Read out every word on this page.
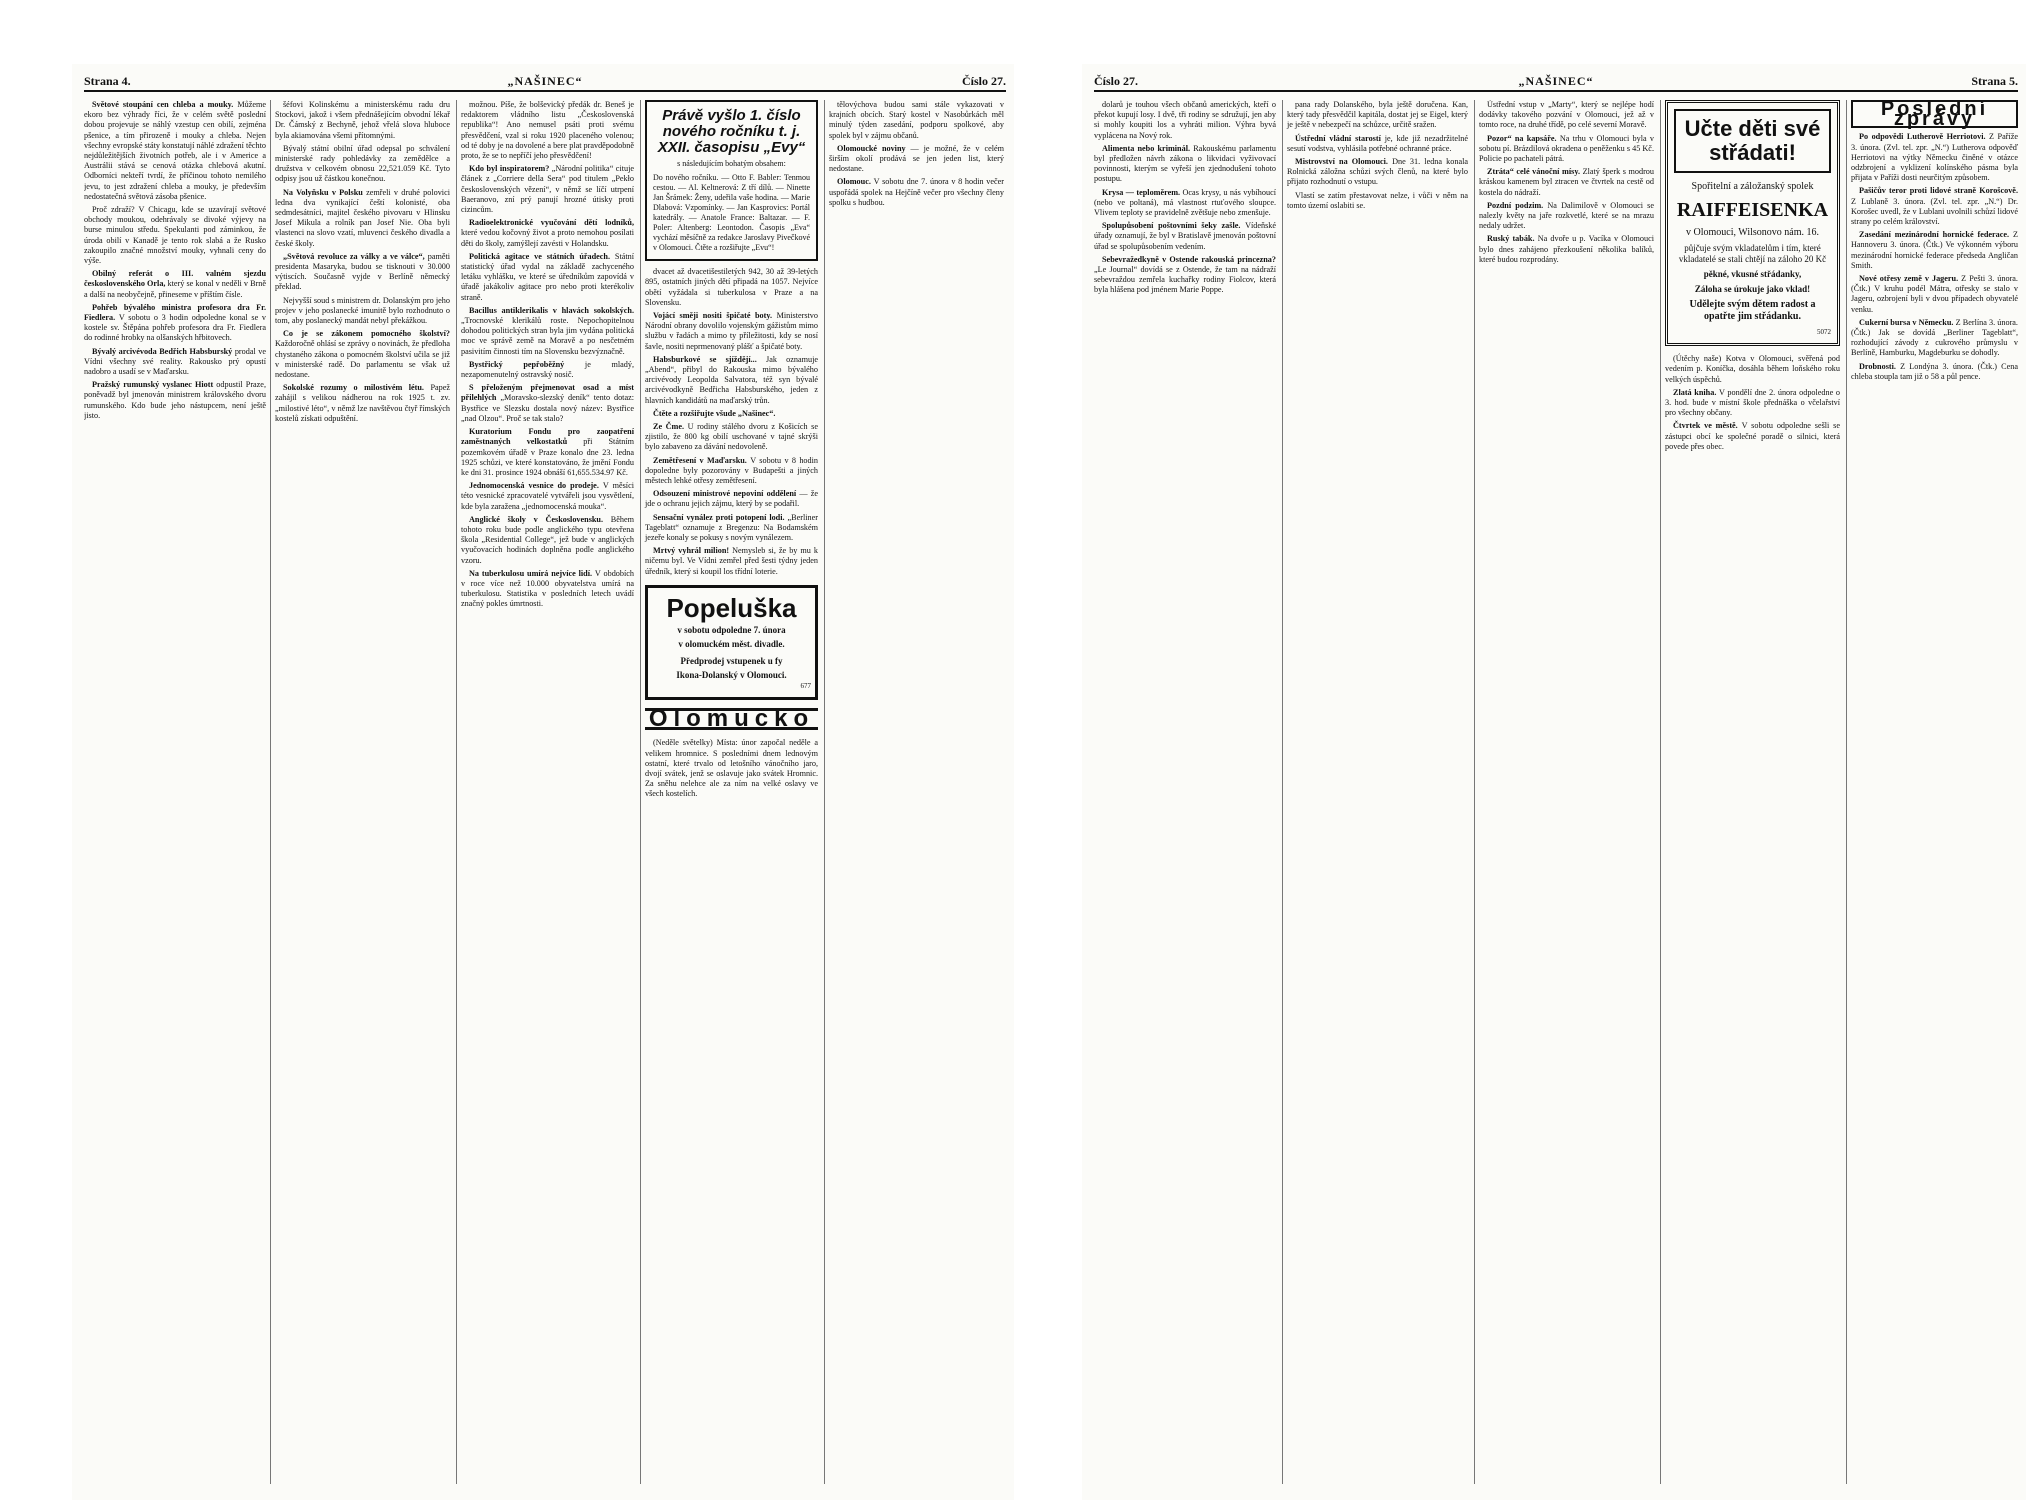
Strana 4.	„NAŠINEC“	Číslo 27.

Světové stoupání cen chleba a mouky. Můžeme ekoro bez výhrady říci, že v celém světě poslední dobou projevuje se náhlý vzestup cen obilí, zejména pšenice, a tím přirozeně i mouky a chleba. Nejen všechny evropské státy konstatují náhlé zdražení těchto nejdůležitějších životních potřeb, ale i v Americe a Austrálii stává se cenová otázka chlebová akutní. Odborníci nekteří tvrdí, že příčinou tohoto nemilého jevu, to jest zdražení chleba a mouky, je především nedostatečná světová zásoba pšenice.

Proč zdraží? V Chicagu, kde se uzavírají světové obchody moukou, odehrávaly se divoké výjevy na burse minulou středu. Spekulanti pod záminkou, že úroda obilí v Kanadě je tento rok slabá a že Rusko zakoupilo značné množství mouky, vyhnali ceny do výše.

Obilný referát o III. valném sjezdu československého Orla, který se konal v neděli v Brně a další na neobyčejně, přineseme v příštím čísle.

Pohřeb bývalého ministra profesora dra Fr. Fiedlera. V sobotu o 3 hodin odpoledne konal se v kostele sv. Štěpána pohřeb profesora dra Fr. Fiedlera do rodinné hrobky na olšanských hřbitovech.

Bývalý arcivévoda Bedřich Habsburský prodal ve Vídni všechny své reality. Rakousko prý opustí nadobro a usadí se v Maďarsku.

Pražský rumunský vyslanec Hiott odpustil Praze, poněvadž byl jmenován ministrem královského dvoru rumunského. Kdo bude jeho nástupcem, není ještě jisto.

šéfovi Kolinskému a ministerskému radu dru Stockovi, jakož i všem přednášejícím obvodní lékař Dr. Čámský z Bechyně, jehož vřelá slova hluboce byla akiamována všemi přítomnými.

Bývalý státní obilní úřad odepsal po schválení ministerské rady pohledávky za zemědělce a družstva v celkovém obnosu 22,521.059 Kč. Tyto odpisy jsou už částkou konečnou.

Na Volyňsku v Polsku zemřeli v druhé polovici ledna dva vynikající čeští kolonisté, oba sedmdesátníci, majitel českého pivovaru v Hlinsku Josef Mikula a rolník pan Josef Nie. Oba byli vlastenci na slovo vzatí, mluvenci českého divadla a české školy.

„Světová revoluce za války a ve válce“, paměti presidenta Masaryka, budou se tisknouti v 30.000 výtiscích. Současně vyjde v Berlíně německý překlad.

Nejvyšší soud s ministrem dr. Dolanským pro jeho projev v jeho poslanecké imunitě bylo rozhodnuto o tom, aby poslanecký mandát nebyl překážkou.

Co je se zákonem pomocného školství? Každoročně ohlásí se zprávy o novinách, že předloha chystaného zákona o pomocném školství učila se již v ministerské radě. Do parlamentu se však už nedostane.

Sokolské rozumy o milostivém létu. Papež zahájil s velikou nádherou na rok 1925 t. zv. „milostivé léto“, v němž lze navštěvou čtyř římských kostelů získati odpuštění.

možnou. Píše, že bolševický předák dr. Beneš je redaktorem vládního listu „Československá republika“! Ano nemusel psáti proti svému přesvědčení, vzal si roku 1920 placeného volenou; od té doby je na dovolené a bere plat pravděpodobně proto, že se to nepříčí jeho přesvědčení!

Kdo byl inspiratorem? „Národní politika“ cituje článek z „Corriere della Sera“ pod titulem „Pekło československých vězení“, v němž se líčí utrpení Baeranovo, zní prý panují hrozné útisky proti cizincům.

Radioelektronické vyučování dětí lodníků, které vedou kočovný život a proto nemohou posílati děti do školy, zamýšlejí zavésti v Holandsku.

Politická agitace ve státních úřadech. Státní statistický úřad vydal na základě zachyceného letáku vyhlášku, ve které se úředníkům zapovídá v úřadě jakákoliv agitace pro nebo proti kterékoliv straně.

Bacillus antiklerikalis v hlavách sokolských. „Trocnovské klerikálů roste. Nepochopitelnou dohodou politických stran byla jim vydána politická moc ve správě země na Moravě a po nesčetném pasivitím činnosti tím na Slovensku bezvýznačně.

Bystřický pepřoběžný je mladý, nezapomenutelný ostravský nosič.

S přeloženým přejmenovat osad a míst přilehlých „Moravsko-slezský deník“ tento dotaz: Bystřice ve Slezsku dostala nový název: Bystřice „nad Olzou“. Proč se tak stalo?

Kuratorium Fondu pro zaopatření zaměstnaných velkostatků při Státním pozemkovém úřadě v Praze konalo dne 23. ledna 1925 schůzi, ve které konstatováno, že jmění Fondu ke dni 31. prosince 1924 obnáší 61,655.534.97 Kč.

Jednomocenská vesnice do prodeje. V měsíci této vesnické zpracovatelé vytvářeli jsou vysvětlení, kde byla zaražena „jednomocenská mouka“.

Anglické školy v Československu. Během tohoto roku bude podle anglického typu otevřena škola „Residential College“, jež bude v anglických vyučovacích hodinách doplněna podle anglického vzoru.

Na tuberkulosu umírá nejvíce lidí. V obdobích v roce více než 10.000 obyvatelstva umírá na tuberkulosu. Statistika v posledních letech uvádí značný pokles úmrtnosti.

Právě vyšlo 1. číslo nového ročníku t. j. XXII. časopisu „Evy“
s následujícím bohatým obsahem:
Do nového ročníku. — Otto F. Babler: Tenmou cestou. — Al. Keltnerová: Z tří dílů. — Ninette Jan Šrámek: Ženy, udeřila vaše hodina. — Marie Dlabová: Vzpomínky. — Jan Kasprovics: Portál katedrály. — Anatole France: Baltazar. — F. Poler: Altenberg: Leontodon. Časopis „Eva“ vychází měsíčně za redakce Jaroslavy Pivečkové v Olomouci. Čtěte a rozšiřujte „Evu“!

dvacet až dvacetišestiletých 942, 30 až 39-letých 895, ostatních jiných dětí připadá na 1057. Nejvíce obětí vyžádala si tuberkulosa v Praze a na Slovensku.

Vojácí směji nositi špičaté boty. Ministerstvo Národní obrany dovolilo vojenským gážistům mimo službu v řadách a mimo ty příležitosti, kdy se nosí šavle, nositi neprmenovaný plášť a špičaté boty.

Habsburkové se sjíždějí... Jak oznamuje „Abend“, přibyl do Rakouska mimo bývalého arcivévody Leopolda Salvatora, též syn bývalé arcivévodkyně Bedřicha Habsburského, jeden z hlavních kandidátů na maďarský trůn.

Čtěte a rozšiřujte všude „Našinec“.

Ze Čme. U rodiny stálého dvoru z Košicích se zjistilo, že 800 kg obilí uschované v tajné skrýši bylo zabaveno za dávání nedovoleně.

Zemětřesení v Maďarsku. V sobotu v 8 hodin dopoledne byly pozorovány v Budapešti a jiných městech lehké otřesy zemětřesení.

Odsouzení ministrové nepoviní oddělení — že jde o ochranu jejich zájmu, který by se podařil.

Sensační vynález proti potopení lodi. „Berliner Tageblatt“ oznamuje z Bregenzu: Na Bodamském jezeře konaly se pokusy s novým vynálezem.

Mrtvý vyhrál milion! Nemysleb si, že by mu k ničemu byl. Ve Vídni zemřel před šesti týdny jeden úředník, který si koupil los třídní loterie.

Popeluška
v sobotu odpoledne 7. února
v olomuckém měst. divadle.
Předprodej vstupenek u fy
Ikona-Dolanský v Olomouci.
677
Olomucko

(Neděle světelky) Místa: únor započal neděle a velikem hromnice. S posledními dnem lednovým ostatní, které trvalo od letošního vánočního jaro, dvojí svátek, jenž se oslavuje jako svátek Hromnic. Za sněhu nelehce ale za ním na velké oslavy ve všech kostelích.

tělovýchova budou sami stále vykazovati v krajních obcích. Starý kostel v Nasobůrkách měl minulý týden zasedání, podporu spolkové, aby spolek byl v zájmu občanů.

Olomoucké noviny — je možné, že v celém širším okolí prodává se jen jeden list, který nedostane.

Olomouc. V sobotu dne 7. února v 8 hodin večer uspořádá spolek na Hejčíně večer pro všechny členy spolku s hudbou.

Číslo 27.	„NAŠINEC“	Strana 5.

dolarů je touhou všech občanů amerických, kteří o překot kupují losy. I dvě, tři rodiny se sdružují, jen aby si mohly koupiti los a vyhráti milion. Výhra byvá vyplácena na Nový rok.

Alimenta nebo kriminál. Rakouskému parlamentu byl předložen návrh zákona o likvidaci vyživovací povinnosti, kterým se vyřeší jen zjednodušení tohoto postupu.

Krysa — teploměrem. Ocas krysy, u nás vybíhoucí (nebo ve poltaná), má vlastnost rtuťového sloupce. Vlivem teploty se pravidelně zvětšuje nebo zmenšuje.

Spolupůsobení poštovními šeky zašle. Vídeňské úřady oznamují, že byl v Bratislavě jmenován poštovní úřad se spolupůsobením vedením.

Sebevražedkyně v Ostende rakouská princezna? „Le Journal“ dovídá se z Ostende, že tam na nádraží sebevraždou zemřela kuchařky rodiny Fiolcov, která byla hlášena pod jménem Marie Poppe.

pana rady Dolanského, byla ještě doručena. Kan, který tady přesvědčil kapitála, dostat jej se Eigel, který je ještě v nebezpečí na schůzce, určitě sražen.

Ústřední vládní starostí je, kde již nezadržitelné sesutí vodstva, vyhlásila potřebné ochranné práce.

Mistrovství na Olomouci. Dne 31. ledna konala Rolnická záložna schůzi svých členů, na které bylo přijato rozhodnutí o vstupu.

Vlastí se zatím přestavovat nelze, i vůči v něm na tomto území oslabiti se.

Ústřední vstup v „Marty“, který se nejlépe hodí dodávky takového pozvání v Olomouci, jež až v tomto roce, na druhé třídě, po celé severní Moravě.

Pozor“ na kapsáře. Na trhu v Olomouci byla v sobotu pí. Brázdilová okradena o peněženku s 45 Kč. Policie po pachateli pátrá.

Ztráta“ celé vánoční mísy. Zlatý šperk s modrou kráskou kamenem byl ztracen ve čtvrtek na cestě od kostela do nádraží.

Pozdní podzim. Na Dalimilově v Olomouci se nalezly květy na jaře rozkvetlé, které se na mrazu nedaly udržet.

Ruský tabák. Na dvoře u p. Vacíka v Olomouci bylo dnes zahájeno přezkoušení několika balíků, které budou rozprodány.

Učte děti své střádati!
Spořitelní a záložanský spolek
RAIFFEISENKA
v Olomouci, Wilsonovo nám. 16.
půjčuje svým vkladatelům i tím, které vkladatelé se stali chtějí na záloho 20 Kč
pěkné, vkusné střádanky,
Záloha se úrokuje jako vklad!
Udělejte svým dětem radost a opatřte jim střádanku.
5072

(Útěchy naše) Kotva v Olomouci, svěřená pod vedením p. Koníčka, dosáhla během loňského roku velkých úspěchů.

Zlatá kniha. V pondělí dne 2. února odpoledne o 3. hod. bude v místní škole přednáška o včelařství pro všechny občany.

Čtvrtek ve městě. V sobotu odpoledne sešli se zástupci obcí ke společné poradě o silnici, která povede přes obec.

Poslední zprávy

Po odpovědi Lutherově Herriotovi. Z Paříže 3. února. (Zvl. tel. zpr. „N.“) Lutherova odpověď Herriotovi na výtky Německu činěné v otázce odzbrojení a vyklizení kolínského pásma byla přijata v Paříži dosti neurčitým způsobem.

Pašičův teror proti lidové straně Korošcově. Z Lublaně 3. února. (Zvl. tel. zpr. „N.“) Dr. Korošec uvedl, že v Lublani uvolnili schůzí lidové strany po celém království.

Zasedání mezinárodní hornické federace. Z Hannoveru 3. února. (Čtk.) Ve výkonném výboru mezinárodní hornické federace předseda Angličan Smith.

Nové otřesy země v Jageru. Z Pešti 3. února. (Čtk.) V kruhu podél Mátra, otřesky se stalo v Jageru, ozbrojení byli v dvou případech obyvatelé venku.

Cukerní bursa v Německu. Z Berlína 3. února. (Čtk.) Jak se dovídá „Berliner Tageblatt“, rozhodující závody z cukrového průmyslu v Berlíně, Hamburku, Magdeburku se dohodly.

Drobnosti. Z Londýna 3. února. (Čtk.) Cena chleba stoupla tam již o 58 a půl pence.
